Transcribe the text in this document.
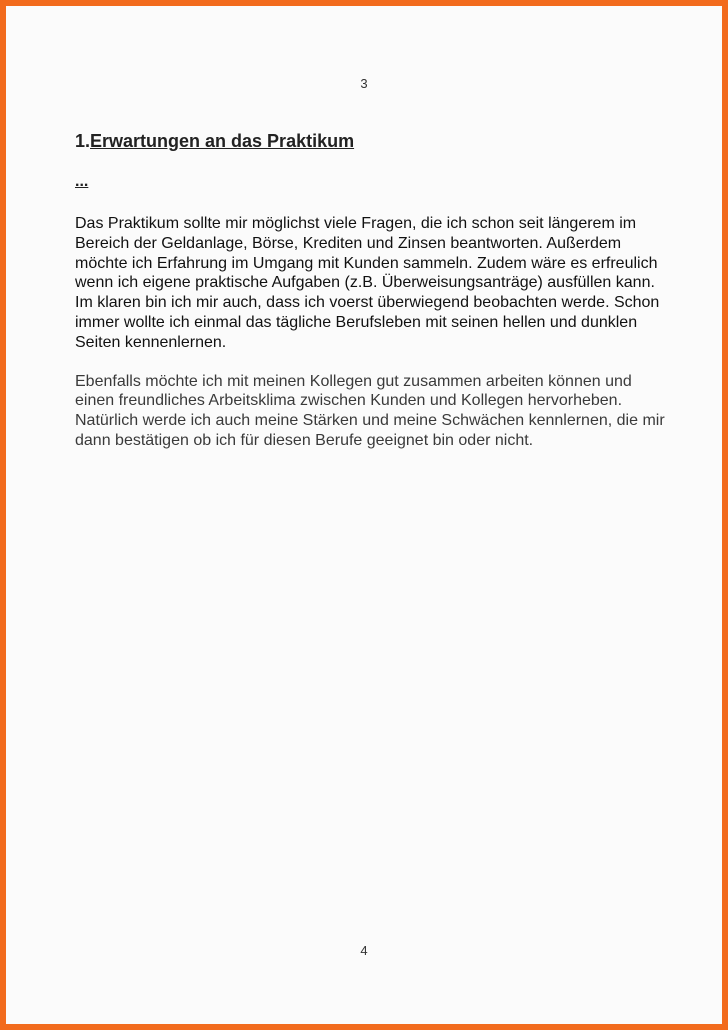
3
1.Erwartungen an das Praktikum
...

Das Praktikum sollte mir möglichst viele Fragen, die ich schon seit längerem im Bereich der Geldanlage, Börse, Krediten und Zinsen beantworten. Außerdem möchte ich Erfahrung im Umgang mit Kunden sammeln. Zudem wäre es erfreulich wenn ich eigene praktische Aufgaben (z.B. Überweisungsanträge) ausfüllen kann. Im klaren bin ich mir auch, dass ich voerst überwiegend beobachten werde. Schon immer wollte ich einmal das tägliche Berufsleben mit seinen hellen und dunklen Seiten kennenlernen.

Ebenfalls möchte ich mit meinen Kollegen gut zusammen arbeiten können und einen freundliches Arbeitsklima zwischen Kunden und Kollegen hervorheben.

Natürlich werde ich auch meine Stärken und meine Schwächen kennlernen, die mir dann bestätigen ob ich für diesen Berufe geeignet bin oder nicht.

4
